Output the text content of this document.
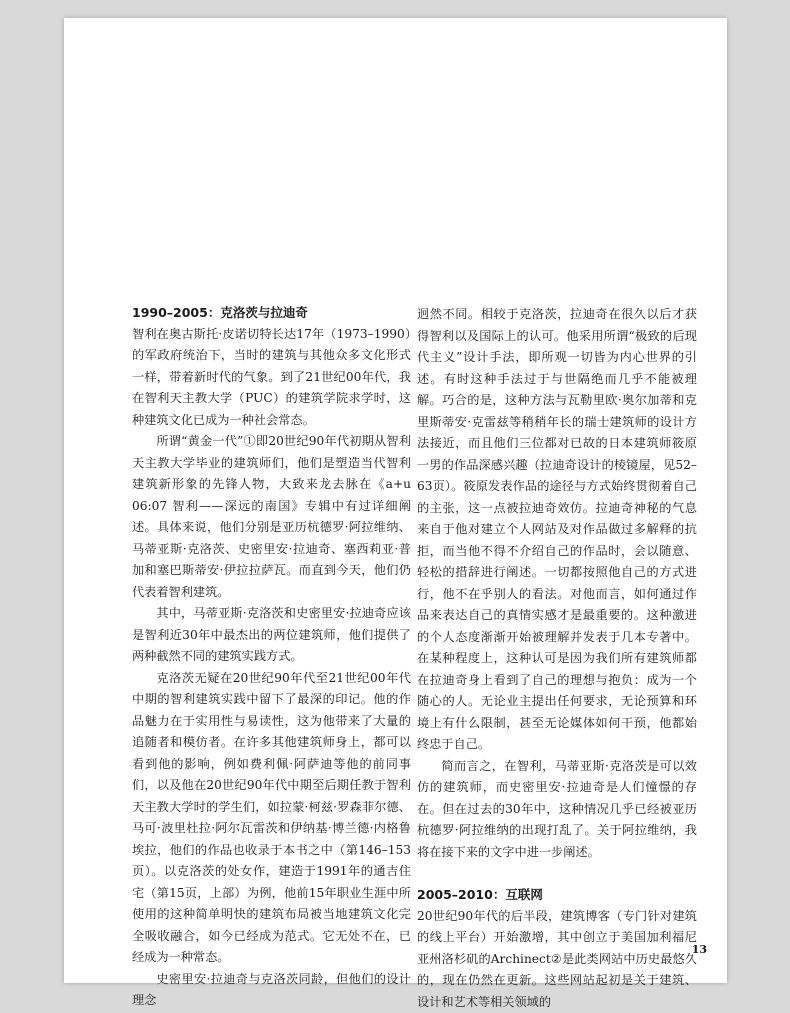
1990–2005：克洛茨与拉迪奇

智利在奥古斯托·皮诺切特长达17年（1973–1990）的军政府统治下，当时的建筑与其他众多文化形式一样，带着新时代的气象。到了21世纪00年代，我在智利天主教大学（PUC）的建筑学院求学时，这种建筑文化已成为一种社会常态。

所谓“黄金一代”①即20世纪90年代初期从智利天主教大学毕业的建筑师们，他们是塑造当代智利建筑新形象的先锋人物，大致来龙去脉在《a+u 06:07 智利——深远的南国》专辑中有过详细阐述。具体来说，他们分别是亚历杭德罗·阿拉维纳、马蒂亚斯·克洛茨、史密里安·拉迪奇、塞西莉亚·普加和塞巴斯蒂安·伊拉拉萨瓦。而直到今天，他们仍代表着智利建筑。

其中，马蒂亚斯·克洛茨和史密里安·拉迪奇应该是智利近30年中最杰出的两位建筑师，他们提供了两种截然不同的建筑实践方式。

克洛茨无疑在20世纪90年代至21世纪00年代中期的智利建筑实践中留下了最深的印记。他的作品魅力在于实用性与易读性，这为他带来了大量的追随者和模仿者。在许多其他建筑师身上，都可以看到他的影响，例如费利佩·阿萨迪等他的前同事们，以及他在20世纪90年代中期至后期任教于智利天主教大学时的学生们，如拉蒙·柯兹·罗森菲尔德、马可·波里杜拉·阿尔瓦雷茨和伊纳基·博兰德·内格鲁埃拉，他们的作品也收录于本书之中（第146–153页）。以克洛茨的处女作，建造于1991年的通吉住宅（第15页，上部）为例，他前15年职业生涯中所使用的这种简单明快的建筑布局被当地建筑文化完全吸收融合，如今已经成为范式。它无处不在，已经成为一种常态。

史密里安·拉迪奇与克洛茨同龄，但他们的设计理念

迥然不同。相较于克洛茨，拉迪奇在很久以后才获得智利以及国际上的认可。他采用所谓“极致的后现代主义”设计手法，即所观一切皆为内心世界的引述。有时这种手法过于与世隔绝而几乎不能被理解。巧合的是，这种方法与瓦勒里欧·奥尔加蒂和克里斯蒂安·克雷兹等稍稍年长的瑞士建筑师的设计方法接近，而且他们三位都对已故的日本建筑师筱原一男的作品深感兴趣（拉迪奇设计的棱镜屋，见52–63页）。筱原发表作品的途径与方式始终贯彻着自己的主张，这一点被拉迪奇效仿。拉迪奇神秘的气息来自于他对建立个人网站及对作品做过多解释的抗拒，而当他不得不介绍自己的作品时，会以随意、轻松的措辞进行阐述。一切都按照他自己的方式进行，他不在乎别人的看法。对他而言，如何通过作品来表达自己的真情实感才是最重要的。这种激进的个人态度渐渐开始被理解并发表于几本专著中。在某种程度上，这种认可是因为我们所有建筑师都在拉迪奇身上看到了自己的理想与抱负：成为一个随心的人。无论业主提出任何要求，无论预算和环境上有什么限制，甚至无论媒体如何干预，他都始终忠于自己。

简而言之，在智利，马蒂亚斯·克洛茨是可以效仿的建筑师，而史密里安·拉迪奇是人们憧憬的存在。但在过去的30年中，这种情况几乎已经被亚历杭德罗·阿拉维纳的出现打乱了。关于阿拉维纳，我将在接下来的文字中进一步阐述。

2005–2010：互联网

20世纪90年代的后半段，建筑博客（专门针对建筑的线上平台）开始激增，其中创立于美国加利福尼亚州洛杉矶的Archinect②是此类网站中历史最悠久的，现在仍然在更新。这些网站起初是关于建筑、设计和艺术等相关领域的

13
